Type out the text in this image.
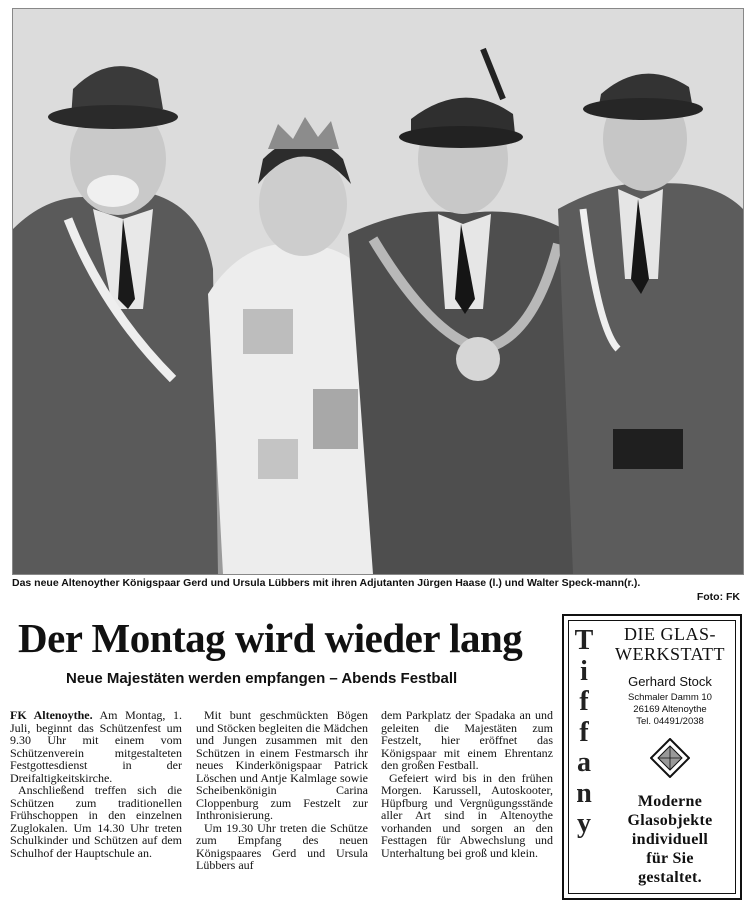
Das neue Altenoyther Königspaar Gerd und Ursula Lübbers mit ihren Adjutanten Jürgen Haase (l.) und Walter Speck-mann(r.).
Foto: FK
Der Montag wird wieder lang
Neue Majestäten werden empfangen – Abends Festball

FK Altenoythe. Am Montag, 1. Juli, beginnt das Schützenfest um 9.30 Uhr mit einem vom Schützenverein mitgestalteten Festgottesdienst in der Dreifaltigkeitskirche.

Anschließend treffen sich die Schützen zum traditionellen Frühschoppen in den einzelnen Zuglokalen. Um 14.30 Uhr treten Schulkinder und Schützen auf dem Schulhof der Hauptschule an.

Mit bunt geschmückten Bögen und Stöcken begleiten die Mädchen und Jungen zusammen mit den Schützen in einem Festmarsch ihr neues Kinderkönigspaar Patrick Löschen und Antje Kalmlage sowie Scheibenkönigin Carina Cloppenburg zum Festzelt zur Inthronisierung.

Um 19.30 Uhr treten die Schütze zum Empfang des neuen Königspaares Gerd und Ursula Lübbers auf

dem Parkplatz der Spadaka an und geleiten die Majestäten zum Festzelt, hier eröffnet das Königspaar mit einem Ehrentanz den großen Festball.

Gefeiert wird bis in den frühen Morgen. Karussell, Autoskooter, Hüpfburg und Vergnügungsstände aller Art sind in Altenoythe vorhanden und sorgen an den Festtagen für Abwechslung und Unterhaltung bei groß und klein.

T
i
f
f
a
n
y
DIE GLAS-
WERKSTATT
Gerhard Stock
Schmaler Damm 10
26169 Altenoythe
Tel. 04491/2038
Moderne
Glasobjekte
individuell
für Sie
gestaltet.
